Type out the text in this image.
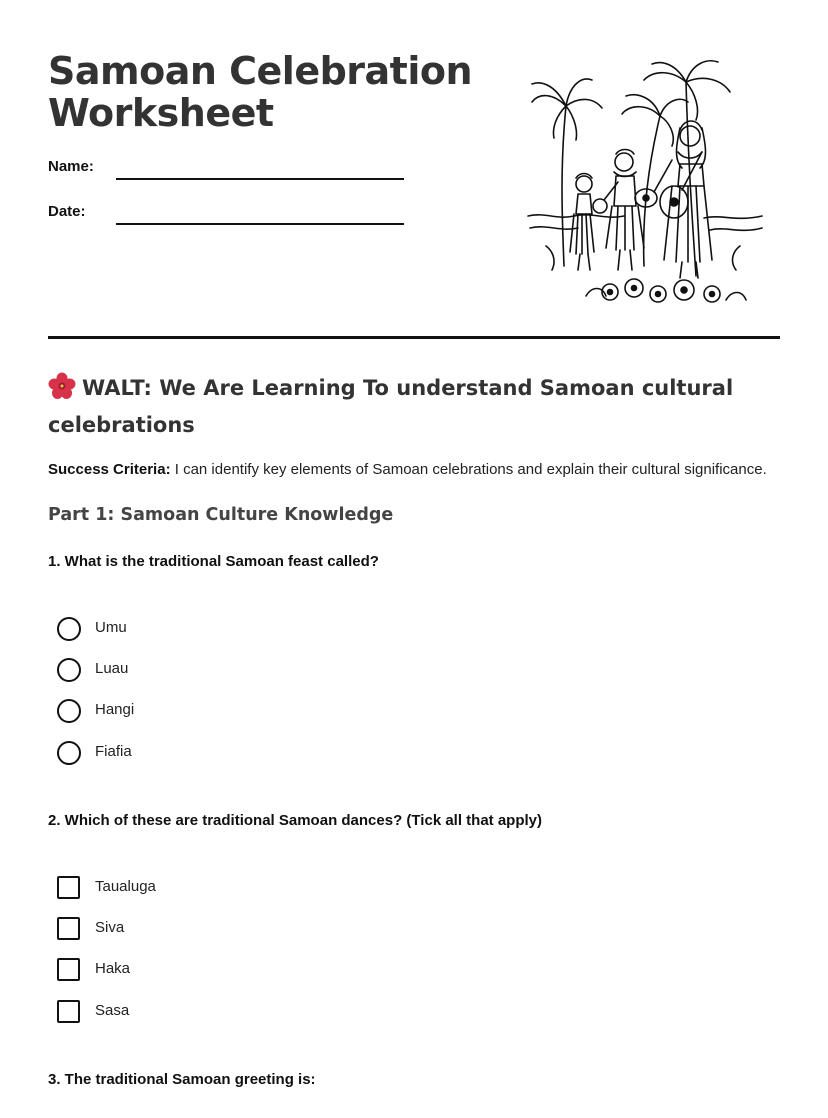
Samoan Celebration
Worksheet
Name:
Date:
WALT: We Are Learning To understand Samoan cultural celebrations
Success Criteria: I can identify key elements of Samoan celebrations and explain their cultural significance.
Part 1: Samoan Culture Knowledge
1. What is the traditional Samoan feast called?
Umu
Luau
Hangi
Fiafia
2. Which of these are traditional Samoan dances? (Tick all that apply)
Taualuga
Siva
Haka
Sasa
3. The traditional Samoan greeting is:
